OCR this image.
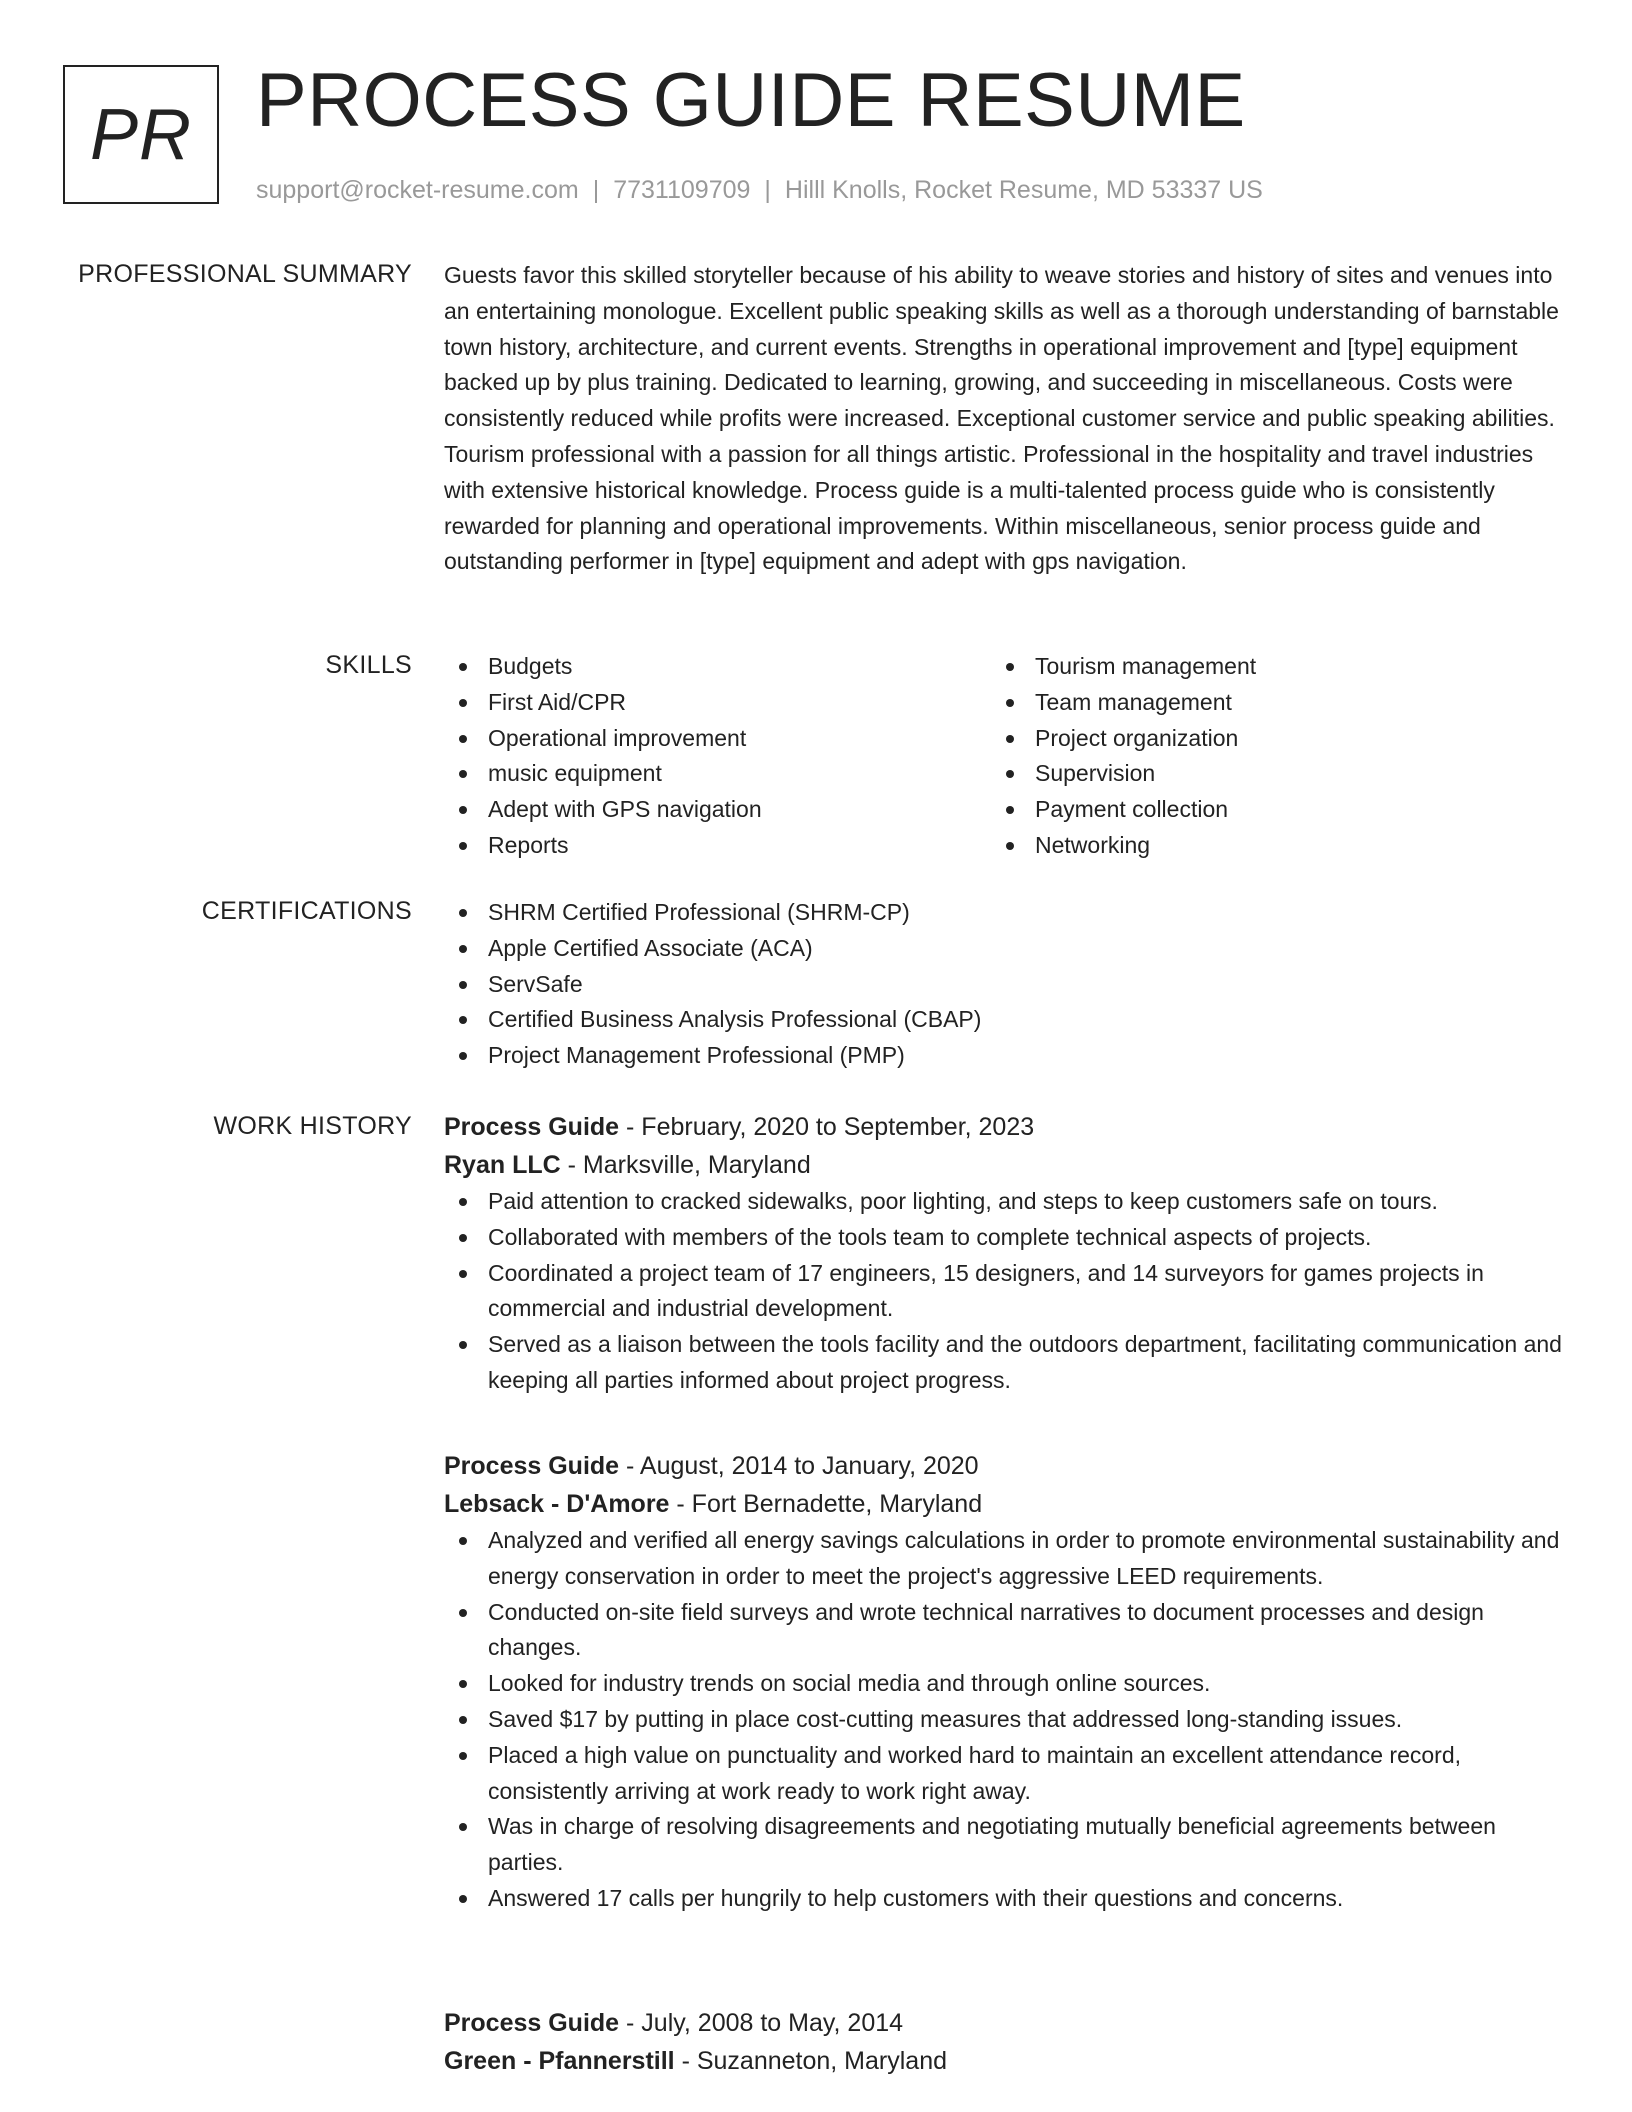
PR PROCESS GUIDE RESUME
support@rocket-resume.com | 7731109709 | Hilll Knolls, Rocket Resume, MD 53337 US
PROFESSIONAL SUMMARY Guests favor this skilled storyteller because of his ability to weave stories and history of sites and venues into an entertaining monologue. Excellent public speaking skills as well as a thorough understanding of barnstable town history, architecture, and current events. Strengths in operational improvement and [type] equipment backed up by plus training. Dedicated to learning, growing, and succeeding in miscellaneous. Costs were consistently reduced while profits were increased. Exceptional customer service and public speaking abilities. Tourism professional with a passion for all things artistic. Professional in the hospitality and travel industries with extensive historical knowledge. Process guide is a multi-talented process guide who is consistently rewarded for planning and operational improvements. Within miscellaneous, senior process guide and outstanding performer in [type] equipment and adept with gps navigation.
SKILLS	Budgets
First Aid/CPR
Operational improvement
music equipment
Adept with GPS navigation
Reports
Tourism management
Team management
Project organization
Supervision
Payment collection
Networking
CERTIFICATIONS	SHRM Certified Professional (SHRM-CP)
Apple Certified Associate (ACA)
ServSafe
Certified Business Analysis Professional (CBAP)
Project Management Professional (PMP)
WORK HISTORY Process Guide - February, 2020 to September, 2023
Ryan LLC - Marksville, Maryland
Paid attention to cracked sidewalks, poor lighting, and steps to keep customers safe on tours.
Collaborated with members of the tools team to complete technical aspects of projects.
Coordinated a project team of 17 engineers, 15 designers, and 14 surveyors for games projects in commercial and industrial development.
Served as a liaison between the tools facility and the outdoors department, facilitating communication and keeping all parties informed about project progress.
Process Guide - August, 2014 to January, 2020
Lebsack - D'Amore - Fort Bernadette, Maryland
Analyzed and verified all energy savings calculations in order to promote environmental sustainability and energy conservation in order to meet the project's aggressive LEED requirements.
Conducted on-site field surveys and wrote technical narratives to document processes and design changes.
Looked for industry trends on social media and through online sources.
Saved $17 by putting in place cost-cutting measures that addressed long-standing issues.
Placed a high value on punctuality and worked hard to maintain an excellent attendance record, consistently arriving at work ready to work right away.
Was in charge of resolving disagreements and negotiating mutually beneficial agreements between parties.
Answered 17 calls per hungrily to help customers with their questions and concerns.
Process Guide - July, 2008 to May, 2014
Green - Pfannerstill - Suzanneton, Maryland
